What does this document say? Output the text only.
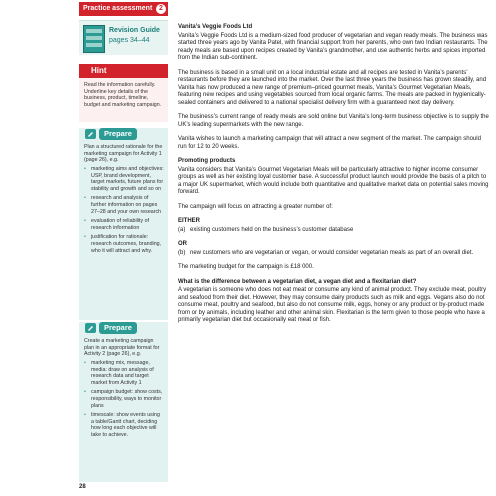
Practice assessment 2
Revision Guide
pages 34–44
Hint
Read the information carefully. Underline key details of the business, product, timeline, budget and marketing campaign.
Prepare
Plan a structured rationale for the marketing campaign for Activity 1 (page 26), e.g.
• marketing aims and objectives: USP, brand development, target markets, future plans for stability and growth and so on
• research and analysis of further information on pages 27–28 and your own research
• evaluation of reliability of research information
• justification for rationale: research outcomes, branding, who it will attract and why.
Prepare
Create a marketing campaign plan in an appropriate format for Activity 2 (page 26), e.g.
• marketing mix, message, media: draw on analysis of research data and target market from Activity 1
• campaign budget: show costs, responsibility, ways to monitor plans
• timescale: show events using a table/Gantt chart, deciding how long each objective will take to achieve.
28
Vanita’s Veggie Foods Ltd

Vanita’s Veggie Foods Ltd is a medium-sized food producer of vegetarian and vegan ready meals. The business was started three years ago by Vanita Patel, with financial support from her parents, who own two Indian restaurants. The ready meals are based upon recipes created by Vanita’s grandmother, and use authentic herbs and spices imported from the Indian sub-continent.

The business is based in a small unit on a local industrial estate and all recipes are tested in Vanita’s parents’ restaurants before they are launched into the market. Over the last three years the business has grown steadily, and Vanita has now produced a new range of premium–priced gourmet meals, Vanita’s Gourmet Vegetarian Meals, featuring new recipes and using vegetables sourced from local organic farms. The meals are packed in hygienically-sealed containers and delivered to a national specialist delivery firm with a guaranteed next day delivery.

The business’s current range of ready meals are sold online but Vanita’s long-term business objective is to supply the UK’s leading supermarkets with the new range.

Vanita wishes to launch a marketing campaign that will attract a new segment of the market. The campaign should run for 12 to 20 weeks.

Promoting products

Vanita considers that Vanita’s Gourmet Vegetarian Meals will be particularly attractive to higher income consumer groups as well as her existing loyal customer base. A successful product launch would provide the basis of a pitch to a major UK supermarket, which would include both quantitative and qualitative market data on potential sales moving forward.

The campaign will focus on attracting a greater number of:

EITHER
(a) existing customers held on the business’s customer database
OR
(b) new customers who are vegetarian or vegan, or would consider vegetarian meals as part of an overall diet.

The marketing budget for the campaign is £18 000.

What is the difference between a vegetarian diet, a vegan diet and a flexitarian diet?

A vegetarian is someone who does not eat meat or consume any kind of animal product. They exclude meat, poultry and seafood from their diet. However, they may consume dairy products such as milk and eggs. Vegans also do not consume meat, poultry and seafood, but also do not consume milk, eggs, honey or any product or by-product made from or by animals, including leather and other animal skin. Flexitarian is the term given to those people who have a primarily vegetarian diet but occasionally eat meat or fish.
